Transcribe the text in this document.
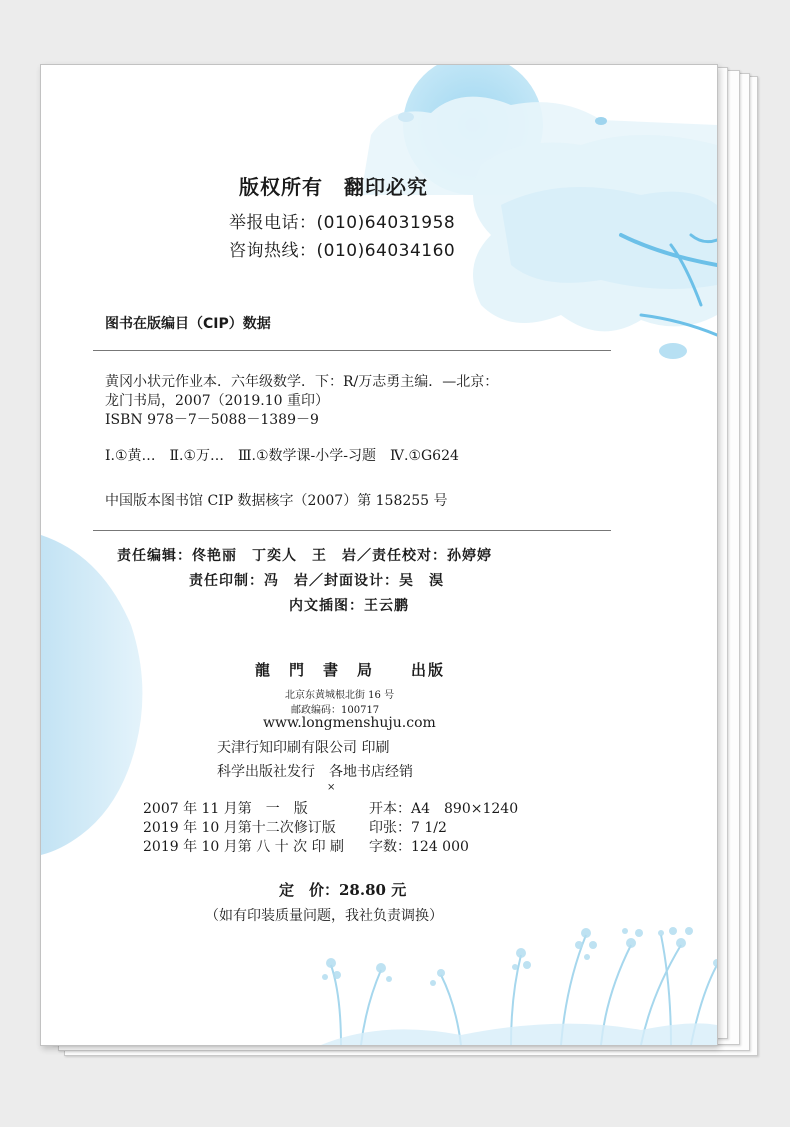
版权所有　翻印必究
举报电话：(010)64031958
咨询热线：(010)64034160
图书在版编目（CIP）数据
黄冈小状元作业本．六年级数学．下：R/万志勇主编．—北京：
龙门书局，2007（2019.10 重印）
ISBN 978－7－5088－1389－9
Ⅰ.①黄…　Ⅱ.①万…　Ⅲ.①数学课-小学-习题　Ⅳ.①G624
中国版本图书馆 CIP 数据核字（2007）第 158255 号
责任编辑：佟艳丽　丁奕人　王　岩／责任校对：孙婷婷
责任印制：冯　岩／封面设计：吴　淏
内文插图：王云鹏
龍　門　書　局 出版
北京东黄城根北街 16 号
邮政编码：100717
www.longmenshuju.com
天津行知印刷有限公司 印刷
科学出版社发行　各地书店经销
×
2007 年 11 月第　一　版	开本：A4　890×1240
2019 年 10 月第十二次修订版 印张：7 1/2
2019 年 10 月第 八 十 次 印 刷 字数：124 000
定　价：28.80 元
（如有印装质量问题，我社负责调换）
